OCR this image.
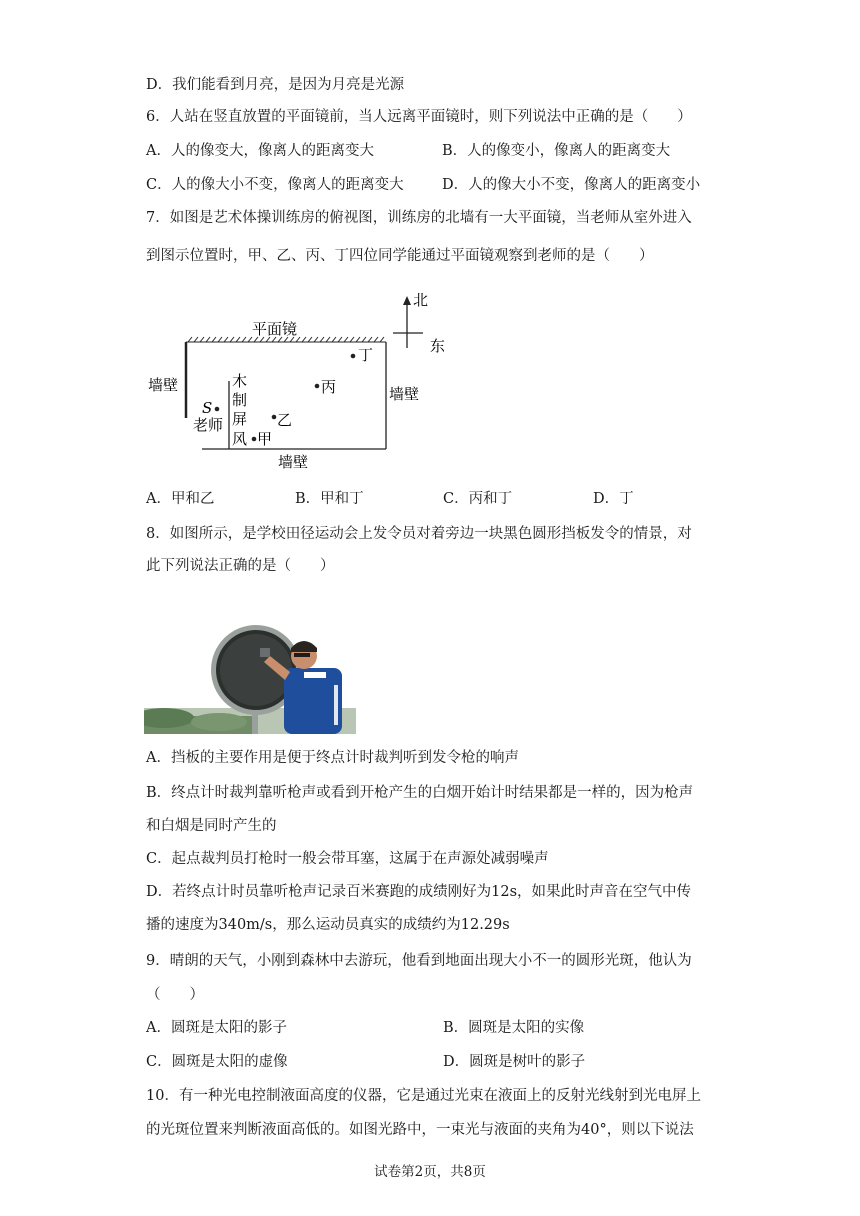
D．我们能看到月亮，是因为月亮是光源
6．人站在竖直放置的平面镜前，当人远离平面镜时，则下列说法中正确的是（　　）
A．人的像变大，像离人的距离变大	B．人的像变小，像离人的距离变大
C．人的像大小不变，像离人的距离变大	D．人的像大小不变，像离人的距离变小
7．如图是艺术体操训练房的俯视图，训练房的北墙有一大平面镜，当老师从室外进入
到图示位置时，甲、乙、丙、丁四位同学能通过平面镜观察到老师的是（　　）
平面镜
北
东
墙壁	墙壁
墙壁
木
制
屏
风
S
老师
甲
乙
丙
丁
A．甲和乙	B．甲和丁	C．丙和丁	D．丁
8．如图所示，是学校田径运动会上发令员对着旁边一块黑色圆形挡板发令的情景，对
此下列说法正确的是（　　）
A．挡板的主要作用是便于终点计时裁判听到发令枪的响声
B．终点计时裁判靠听枪声或看到开枪产生的白烟开始计时结果都是一样的，因为枪声
和白烟是同时产生的
C．起点裁判员打枪时一般会带耳塞，这属于在声源处减弱噪声
D．若终点计时员靠听枪声记录百米赛跑的成绩刚好为12s，如果此时声音在空气中传
播的速度为340m/s，那么运动员真实的成绩约为12.29s
9．晴朗的天气，小刚到森林中去游玩，他看到地面出现大小不一的圆形光斑，他认为
（　　）
A．圆斑是太阳的影子	B．圆斑是太阳的实像
C．圆斑是太阳的虚像	D．圆斑是树叶的影子
10．有一种光电控制液面高度的仪器，它是通过光束在液面上的反射光线射到光电屏上
的光斑位置来判断液面高低的。如图光路中，一束光与液面的夹角为40°，则以下说法
试卷第2页，共8页
